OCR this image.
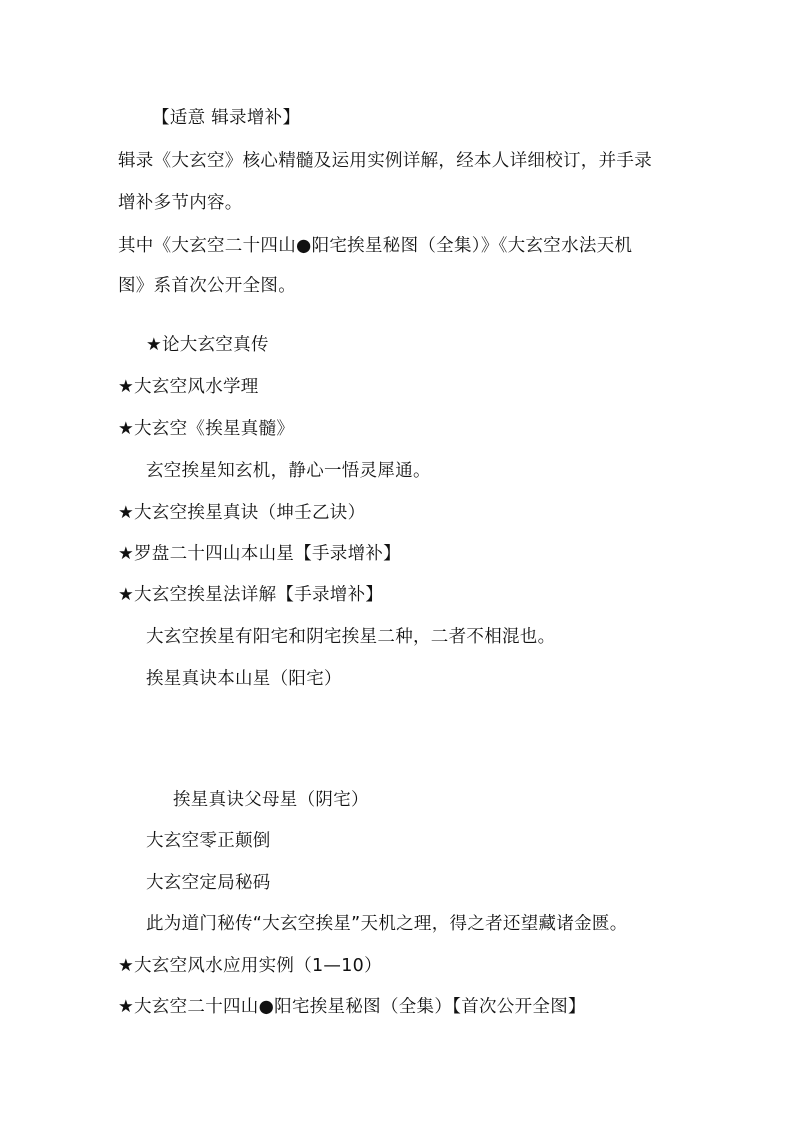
【适意 辑录增补】
辑录《大玄空》核心精髓及运用实例详解，经本人详细校订，并手录
增补多节内容。
其中《大玄空二十四山●阳宅挨星秘图（全集）》《大玄空水法天机
图》系首次公开全图。
★论大玄空真传
★大玄空风水学理
★大玄空《挨星真髓》
玄空挨星知玄机，静心一悟灵犀通。
★大玄空挨星真诀（坤壬乙诀）
★罗盘二十四山本山星【手录增补】
★大玄空挨星法详解【手录增补】
大玄空挨星有阳宅和阴宅挨星二种，二者不相混也。
挨星真诀本山星（阳宅）
挨星真诀父母星（阴宅）
大玄空零正颠倒
大玄空定局秘码
此为道门秘传“大玄空挨星”天机之理，得之者还望藏诸金匮。
★大玄空风水应用实例（1—10）
★大玄空二十四山●阳宅挨星秘图（全集）【首次公开全图】
